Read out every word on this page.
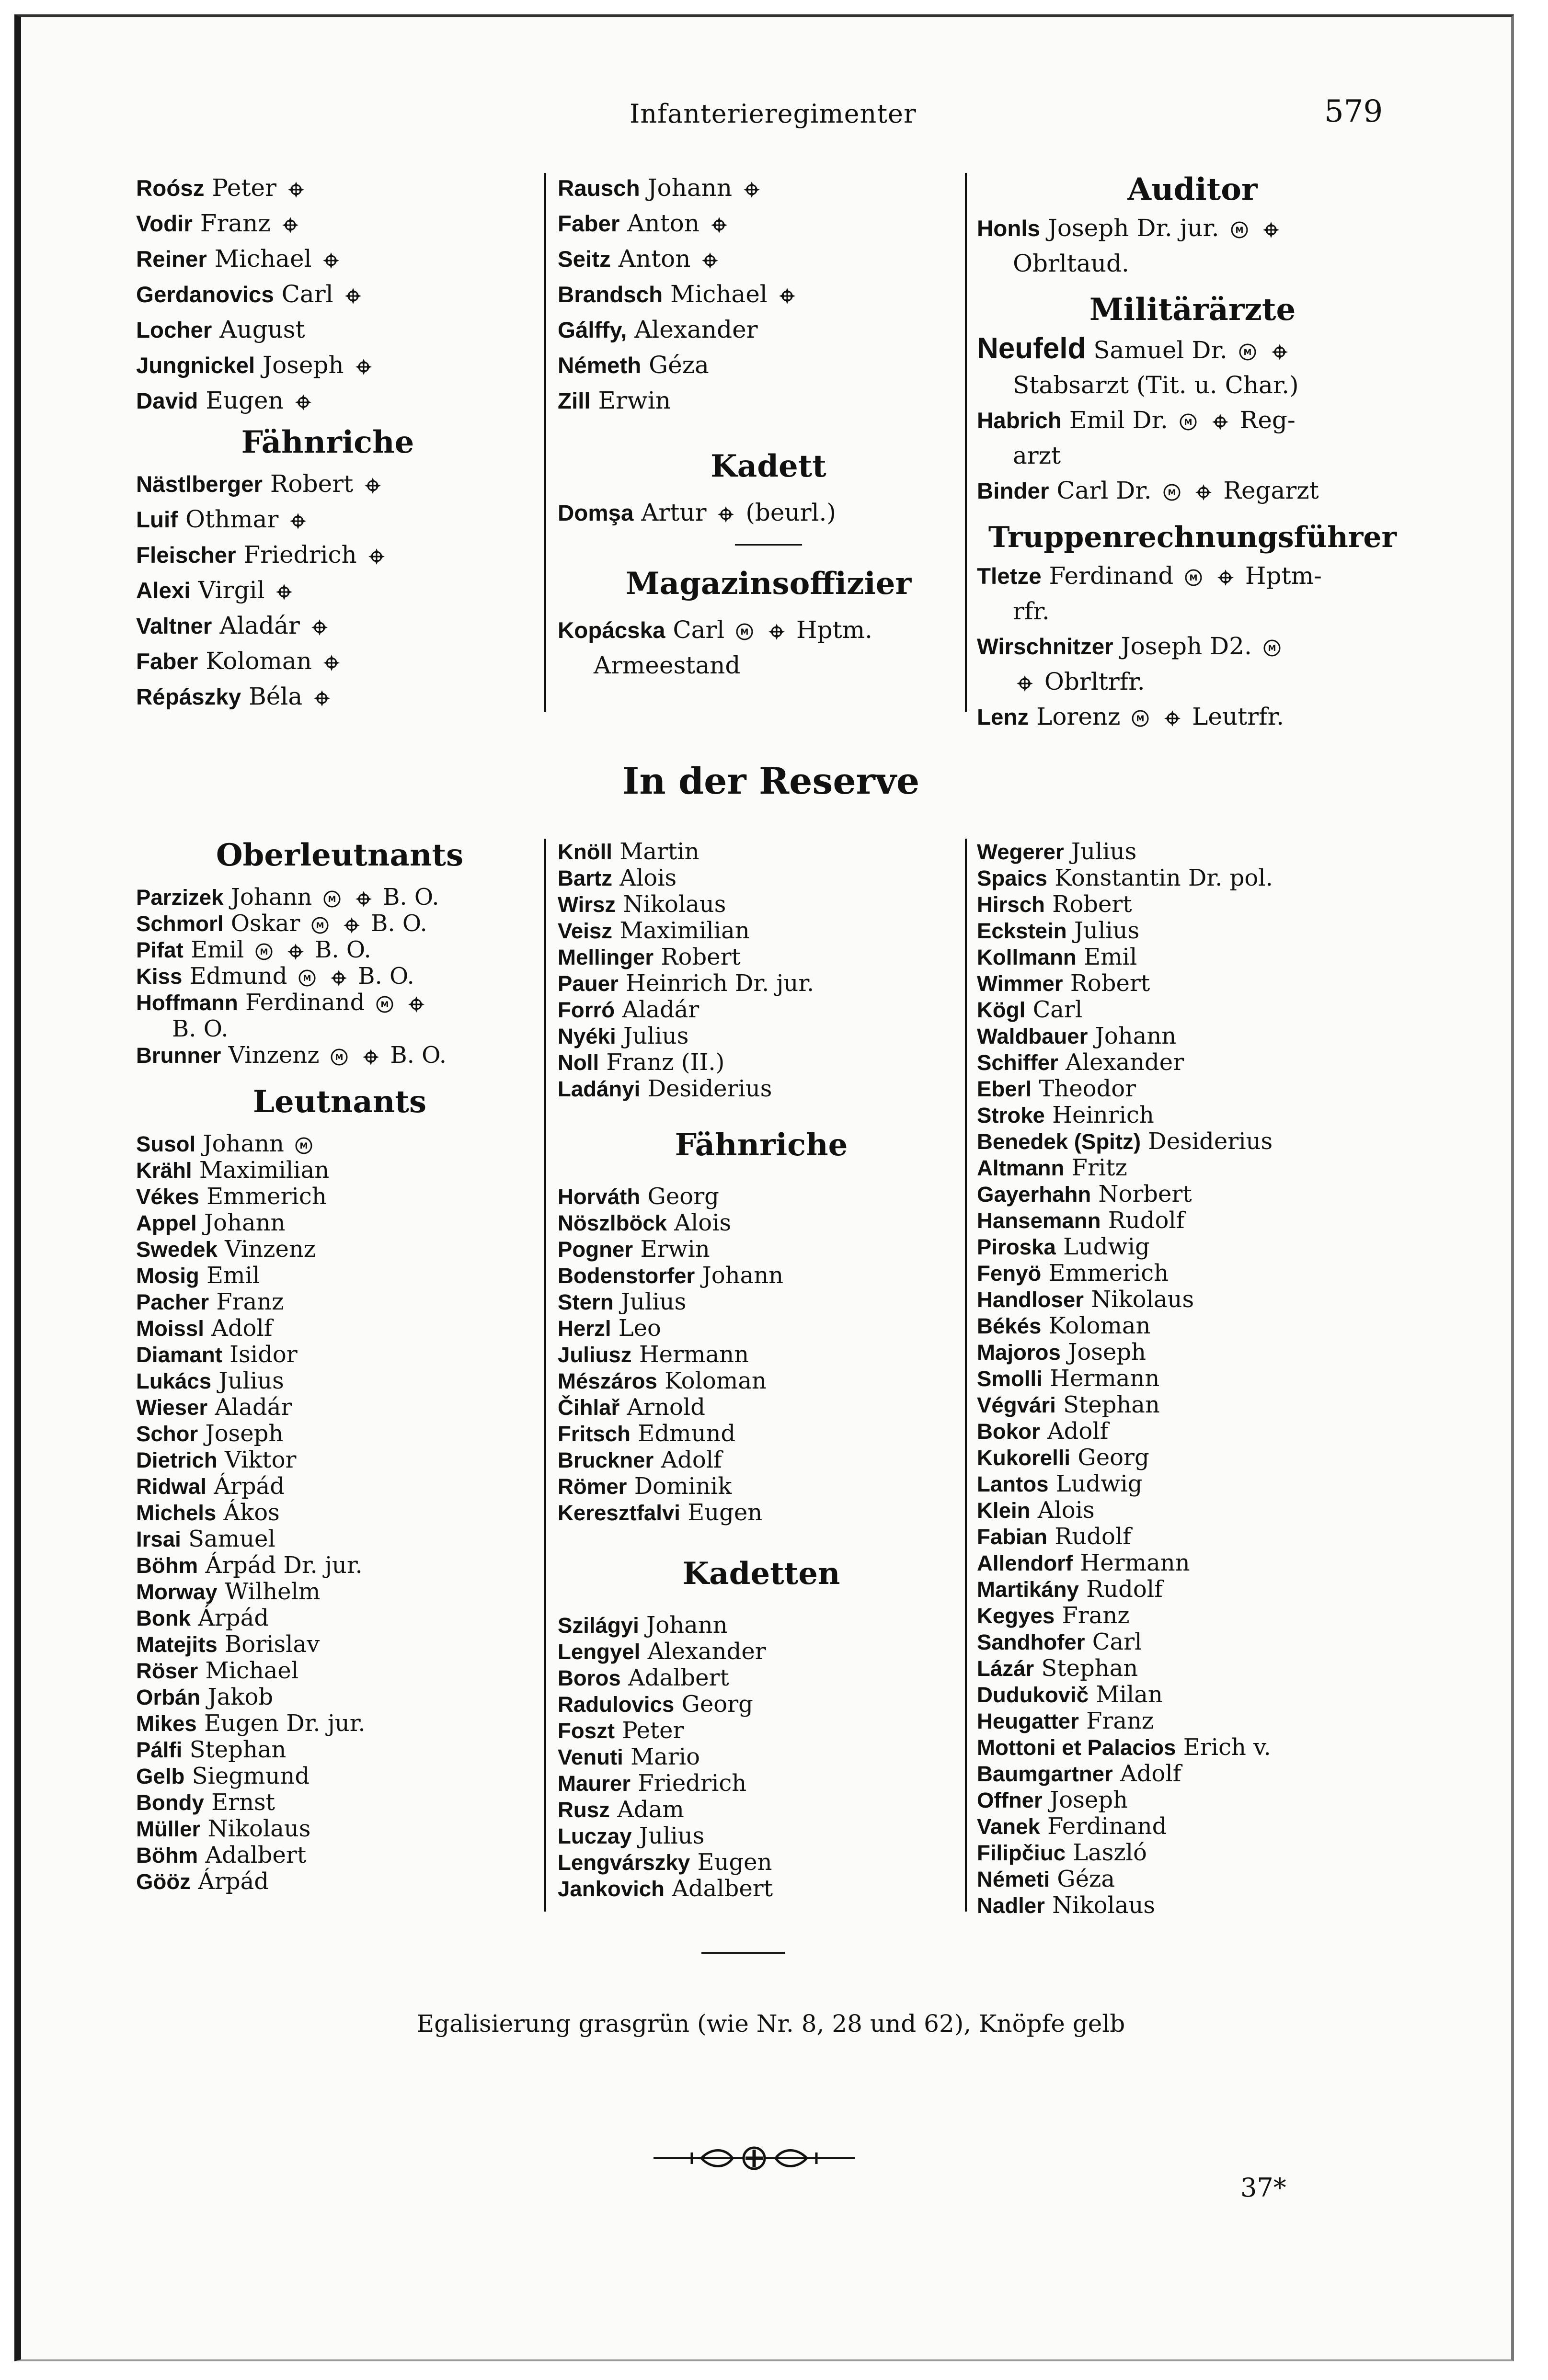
Infanterieregimenter	579
Roósz Peter
Vodir Franz
Reiner Michael
Gerdanovics Carl
Locher August
Jungnickel Joseph
David Eugen
Fähnriche
Nästlberger Robert
Luif Othmar
Fleischer Friedrich
Alexi Virgil
Valtner Aladár
Faber Koloman
Répászky Béla
Rausch Johann
Faber Anton
Seitz Anton
Brandsch Michael
Gálffy, Alexander
Németh Géza
Zill Erwin
Kadett
Domşa Artur (beurl.)
Magazinsoffizier
Kopácska Carl M
Hptm.
Armeestand
Auditor
Honls Joseph Dr. jur. M

Obrltaud.
Militärärzte
Neufeld Samuel Dr. M

Stabsarzt (Tit. u. Char.)
Habrich Emil Dr. M
Reg-
arzt
Binder Carl Dr. M
Regarzt
Truppenrechnungsführer
Tletze Ferdinand M
Hptm-
rfr.
Wirschnitzer Joseph D2. M
Obrltrfr.
Lenz Lorenz M
Leutrfr.
In der Reserve
Oberleutnants
Parzizek Johann M
B. O.
Schmorl Oskar M
B. O.
Pifat Emil M
B. O.
Kiss Edmund M
B. O.
Hoffmann Ferdinand M

B. O.
Brunner Vinzenz M
B. O.
Leutnants
Susol Johann M
Krähl Maximilian
Vékes Emmerich
Appel Johann
Swedek Vinzenz
Mosig Emil
Pacher Franz
Moissl Adolf
Diamant Isidor
Lukács Julius
Wieser Aladár
Schor Joseph
Dietrich Viktor
Ridwal Árpád
Michels Ákos
Irsai Samuel
Böhm Árpád Dr. jur.
Morway Wilhelm
Bonk Árpád
Matejits Borislav
Röser Michael
Orbán Jakob
Mikes Eugen Dr. jur.
Pálfi Stephan
Gelb Siegmund
Bondy Ernst
Müller Nikolaus
Böhm Adalbert
Gööz Árpád
Knöll Martin
Bartz Alois
Wirsz Nikolaus
Veisz Maximilian
Mellinger Robert
Pauer Heinrich Dr. jur.
Forró Aladár
Nyéki Julius
Noll Franz (II.)
Ladányi Desiderius
Fähnriche
Horváth Georg
Nöszlböck Alois
Pogner Erwin
Bodenstorfer Johann
Stern Julius
Herzl Leo
Juliusz Hermann
Mészáros Koloman
Čihlař Arnold
Fritsch Edmund
Bruckner Adolf
Römer Dominik
Keresztfalvi Eugen
Kadetten
Szilágyi Johann
Lengyel Alexander
Boros Adalbert
Radulovics Georg
Foszt Peter
Venuti Mario
Maurer Friedrich
Rusz Adam
Luczay Julius
Lengvárszky Eugen
Jankovich Adalbert
Wegerer Julius
Spaics Konstantin Dr. pol.
Hirsch Robert
Eckstein Julius
Kollmann Emil
Wimmer Robert
Kögl Carl
Waldbauer Johann
Schiffer Alexander
Eberl Theodor
Stroke Heinrich
Benedek (Spitz) Desiderius
Altmann Fritz
Gayerhahn Norbert
Hansemann Rudolf
Piroska Ludwig
Fenyö Emmerich
Handloser Nikolaus
Békés Koloman
Majoros Joseph
Smolli Hermann
Végvári Stephan
Bokor Adolf
Kukorelli Georg
Lantos Ludwig
Klein Alois
Fabian Rudolf
Allendorf Hermann
Martikány Rudolf
Kegyes Franz
Sandhofer Carl
Lázár Stephan
Dudukovič Milan
Heugatter Franz
Mottoni et Palacios Erich v.
Baumgartner Adolf
Offner Joseph
Vanek Ferdinand
Filipčiuc Laszló
Németi Géza
Nadler Nikolaus
Egalisierung grasgrün (wie Nr. 8, 28 und 62), Knöpfe gelb
37*
